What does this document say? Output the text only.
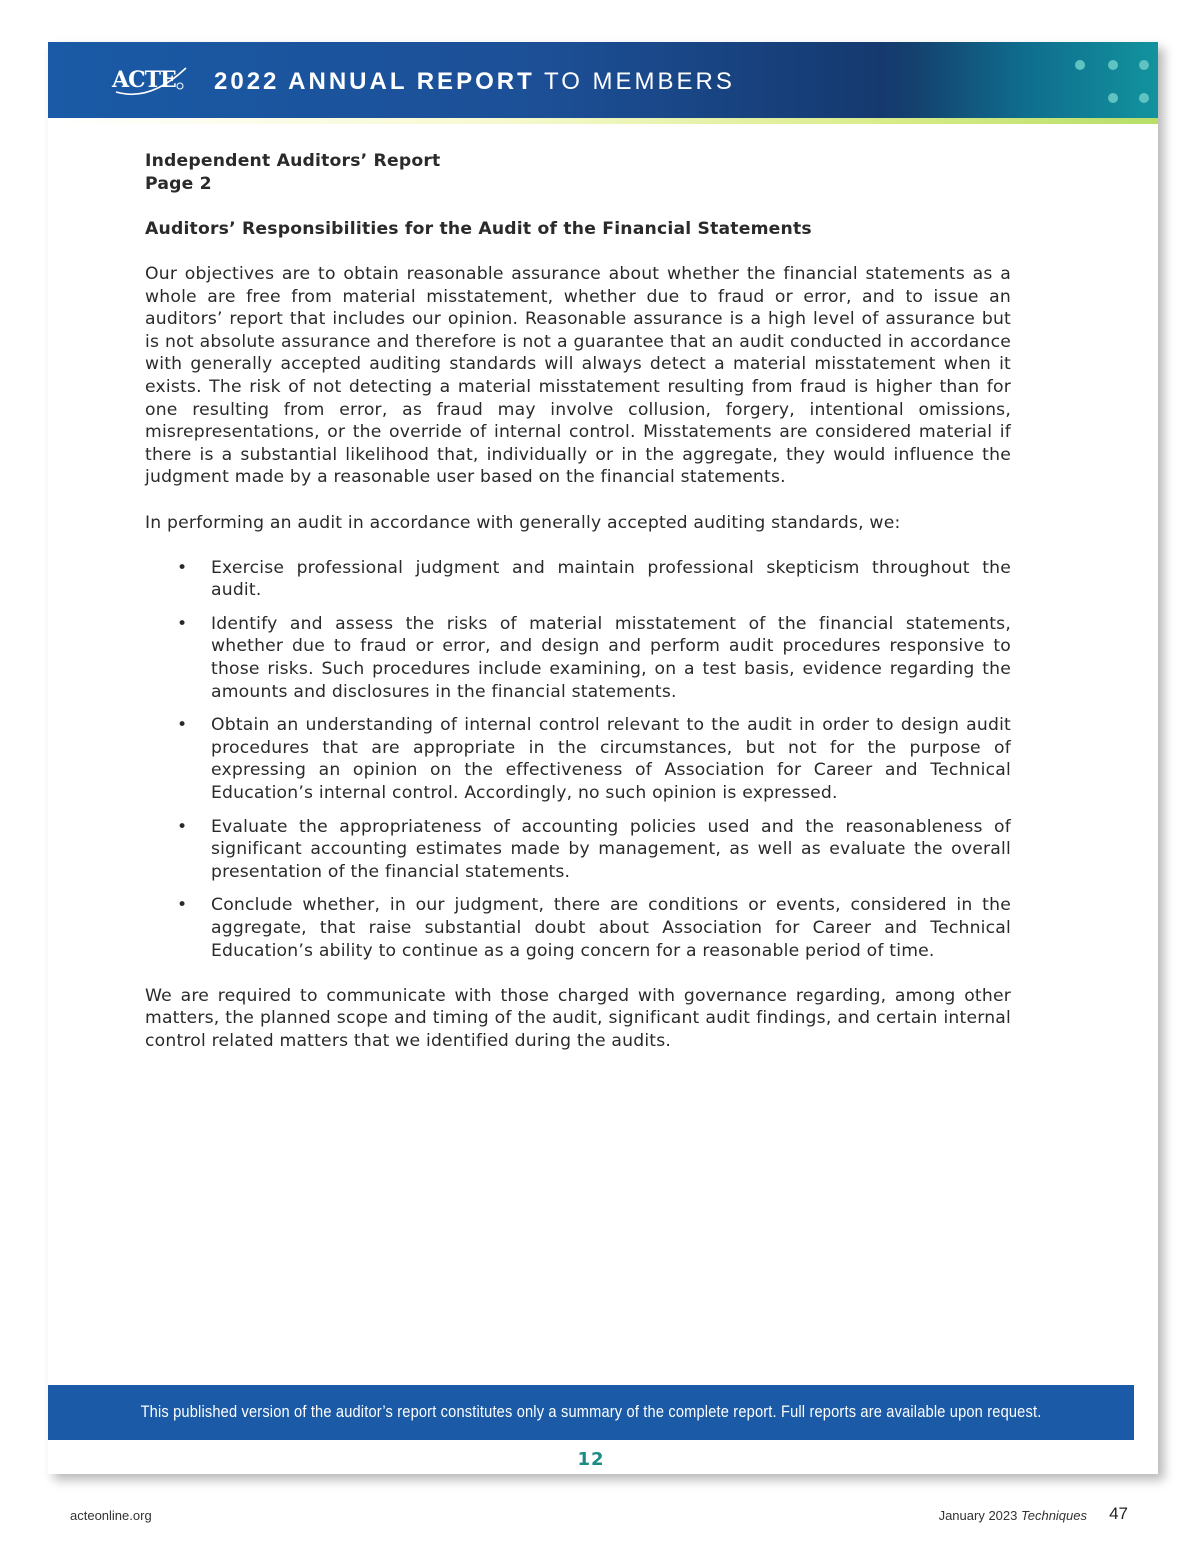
ACTE 2022 ANNUAL REPORT TO MEMBERS

Independent Auditors’ Report

Page 2

Auditors’ Responsibilities for the Audit of the Financial Statements

Our objectives are to obtain reasonable assurance about whether the financial statements as a whole are free from material misstatement, whether due to fraud or error, and to issue an auditors’ report that includes our opinion. Reasonable assurance is a high level of assurance but is not absolute assurance and therefore is not a guarantee that an audit conducted in accordance with generally accepted auditing standards will always detect a material misstatement when it exists. The risk of not detecting a material misstatement resulting from fraud is higher than for one resulting from error, as fraud may involve collusion, forgery, intentional omissions, misrepresentations, or the override of internal control. Misstatements are considered material if there is a substantial likelihood that, individually or in the aggregate, they would influence the judgment made by a reasonable user based on the financial statements.

In performing an audit in accordance with generally accepted auditing standards, we:

• Exercise professional judgment and maintain professional skepticism throughout the audit.
• Identify and assess the risks of material misstatement of the financial statements, whether due to fraud or error, and design and perform audit procedures responsive to those risks. Such procedures include examining, on a test basis, evidence regarding the amounts and disclosures in the financial statements.
• Obtain an understanding of internal control relevant to the audit in order to design audit procedures that are appropriate in the circumstances, but not for the purpose of expressing an opinion on the effectiveness of Association for Career and Technical Education’s internal control. Accordingly, no such opinion is expressed.
• Evaluate the appropriateness of accounting policies used and the reasonableness of significant accounting estimates made by management, as well as evaluate the overall presentation of the financial statements.
• Conclude whether, in our judgment, there are conditions or events, considered in the aggregate, that raise substantial doubt about Association for Career and Technical Education’s ability to continue as a going concern for a reasonable period of time.

We are required to communicate with those charged with governance regarding, among other matters, the planned scope and timing of the audit, significant audit findings, and certain internal control related matters that we identified during the audits.

This published version of the auditor’s report constitutes only a summary of the complete report. Full reports are available upon request.
12
acteonline.org	January 2023 Techniques 47
